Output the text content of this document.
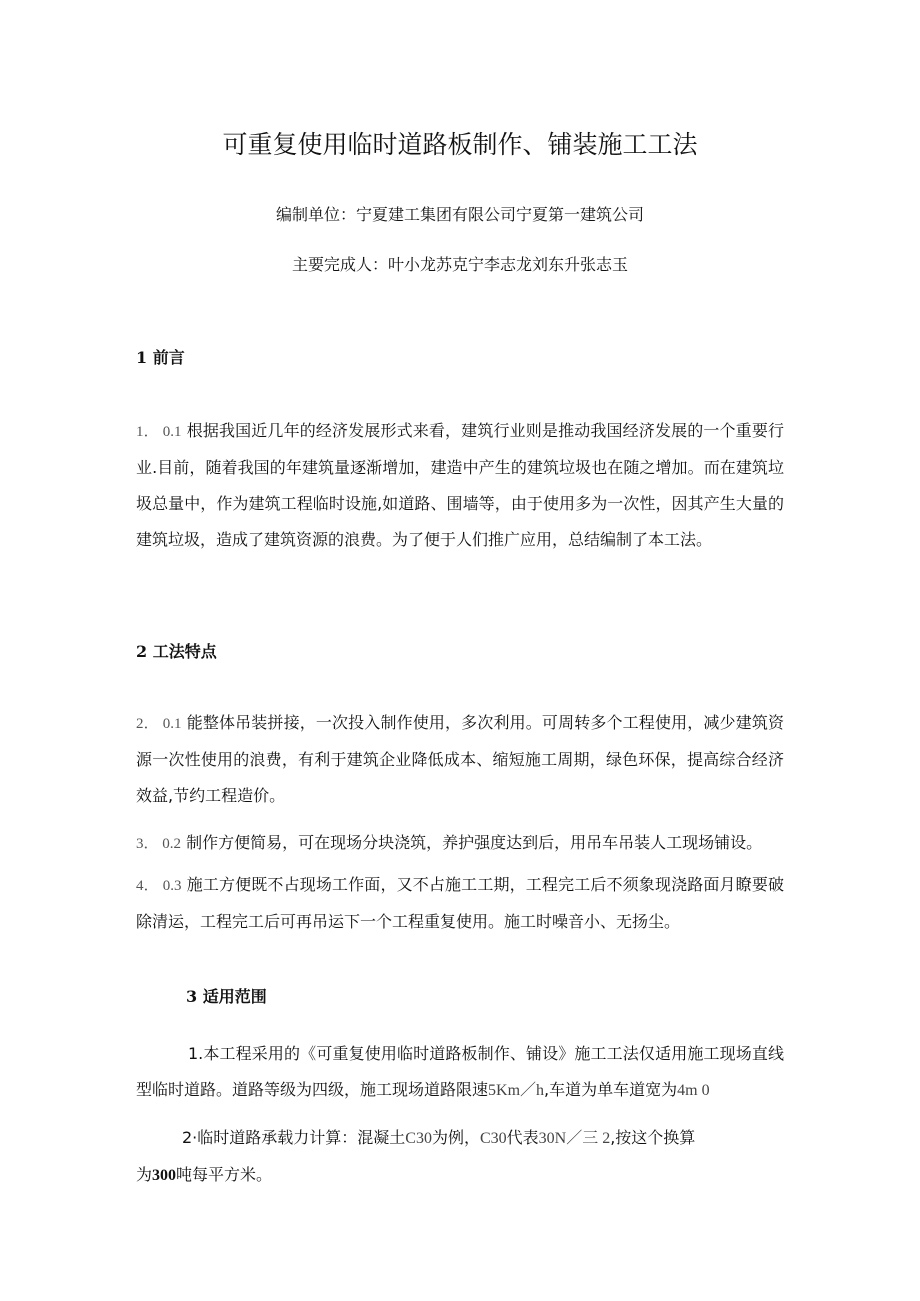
可重复使用临时道路板制作、铺装施工工法
编制单位：宁夏建工集团有限公司宁夏第一建筑公司
主要完成人：叶小龙苏克宁李志龙刘东升张志玉
1 前言
1． 0.1 根据我国近几年的经济发展形式来看，建筑行业则是推动我国经济发展的一个重要行业.目前，随着我国的年建筑量逐渐增加，建造中产生的建筑垃圾也在随之增加。而在建筑垃圾总量中，作为建筑工程临时设施,如道路、围墙等，由于使用多为一次性，因其产生大量的建筑垃圾，造成了建筑资源的浪费。为了便于人们推广应用，总结编制了本工法。
2 工法特点
2． 0.1 能整体吊装拼接，一次投入制作使用，多次利用。可周转多个工程使用，减少建筑资源一次性使用的浪费，有利于建筑企业降低成本、缩短施工周期，绿色环保，提高综合经济效益,节约工程造价。
3． 0.2 制作方便简易，可在现场分块浇筑，养护强度达到后，用吊车吊装人工现场铺设。
4． 0.3 施工方便既不占现场工作面，又不占施工工期，工程完工后不须象现浇路面月瞭要破除清运，工程完工后可再吊运下一个工程重复使用。施工时噪音小、无扬尘。
3 适用范围
1.本工程采用的《可重复使用临时道路板制作、铺设》施工工法仅适用施工现场直线型临时道路。道路等级为四级，施工现场道路限速5Km／h,车道为单车道宽为4m 0
2·临时道路承载力计算：混凝土C30为例，C30代表30N／三 2,按这个换算
为300吨每平方米。
